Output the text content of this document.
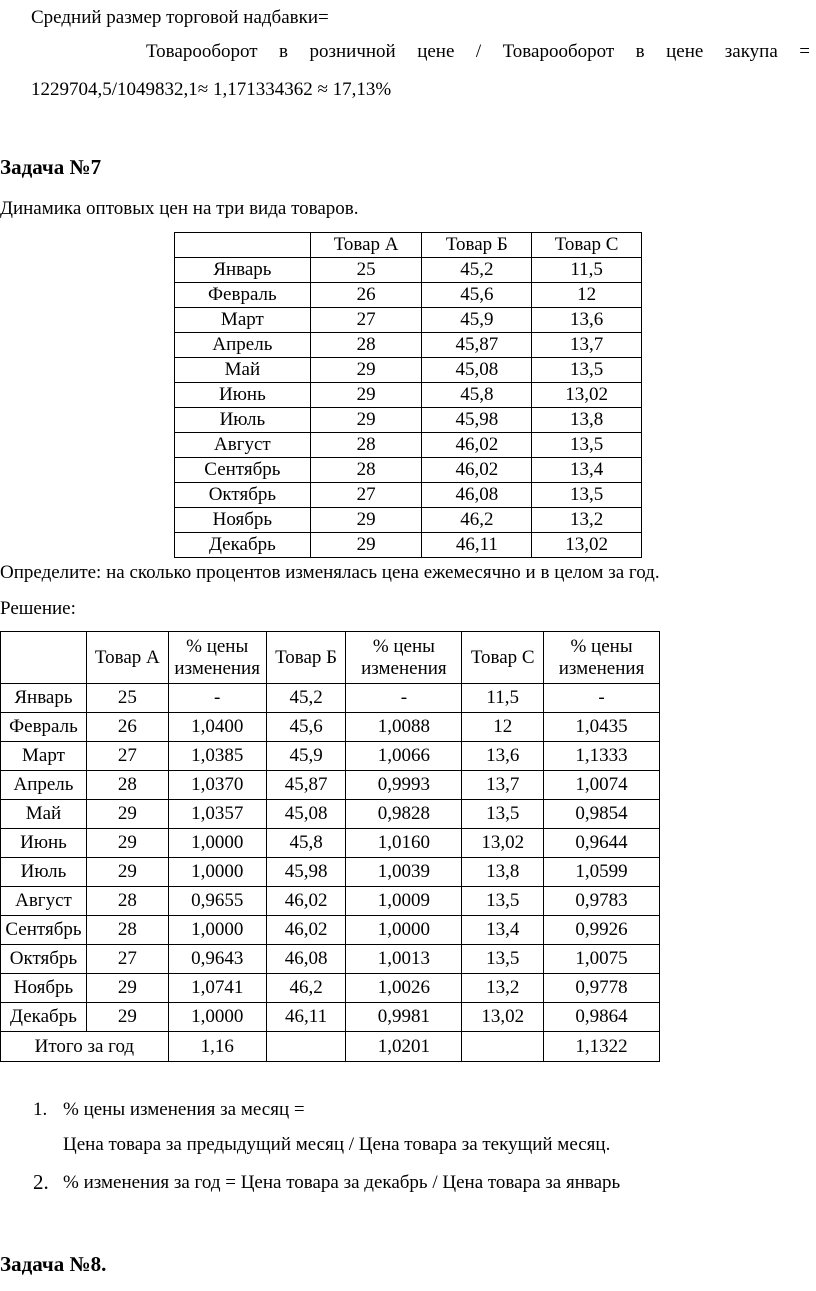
Средний размер торговой надбавки=
Товарооборот в розничной цене / Товарооборот в цене закупа =
1229704,5/1049832,1≈ 1,171334362 ≈ 17,13%
Задача №7
Динамика оптовых цен на три вида товаров.
	Товар А	Товар Б	Товар С
Январь	25	45,2	11,5
Февраль	26	45,6	12
Март	27	45,9	13,6
Апрель	28	45,87	13,7
Май	29	45,08	13,5
Июнь	29	45,8	13,02
Июль	29	45,98	13,8
Август	28	46,02	13,5
Сентябрь	28	46,02	13,4
Октябрь	27	46,08	13,5
Ноябрь	29	46,2	13,2
Декабрь	29	46,11	13,02
Определите: на сколько процентов изменялась цена ежемесячно и в целом за год.
Решение:
	Товар А	% цены изменения	Товар Б	% цены изменения	Товар С	% цены изменения
Январь	25	-	45,2	-	11,5	-
Февраль	26	1,0400	45,6	1,0088	12	1,0435
Март	27	1,0385	45,9	1,0066	13,6	1,1333
Апрель	28	1,0370	45,87	0,9993	13,7	1,0074
Май	29	1,0357	45,08	0,9828	13,5	0,9854
Июнь	29	1,0000	45,8	1,0160	13,02	0,9644
Июль	29	1,0000	45,98	1,0039	13,8	1,0599
Август	28	0,9655	46,02	1,0009	13,5	0,9783
Сентябрь	28	1,0000	46,02	1,0000	13,4	0,9926
Октябрь	27	0,9643	46,08	1,0013	13,5	1,0075
Ноябрь	29	1,0741	46,2	1,0026	13,2	0,9778
Декабрь	29	1,0000	46,11	0,9981	13,02	0,9864
Итого за год		1,16		1,0201		1,1322
1. % цены изменения за месяц =
Цена товара за предыдущий месяц / Цена товара за текущий месяц.
2. % изменения за год = Цена товара за декабрь / Цена товара за январь
Задача №8.
